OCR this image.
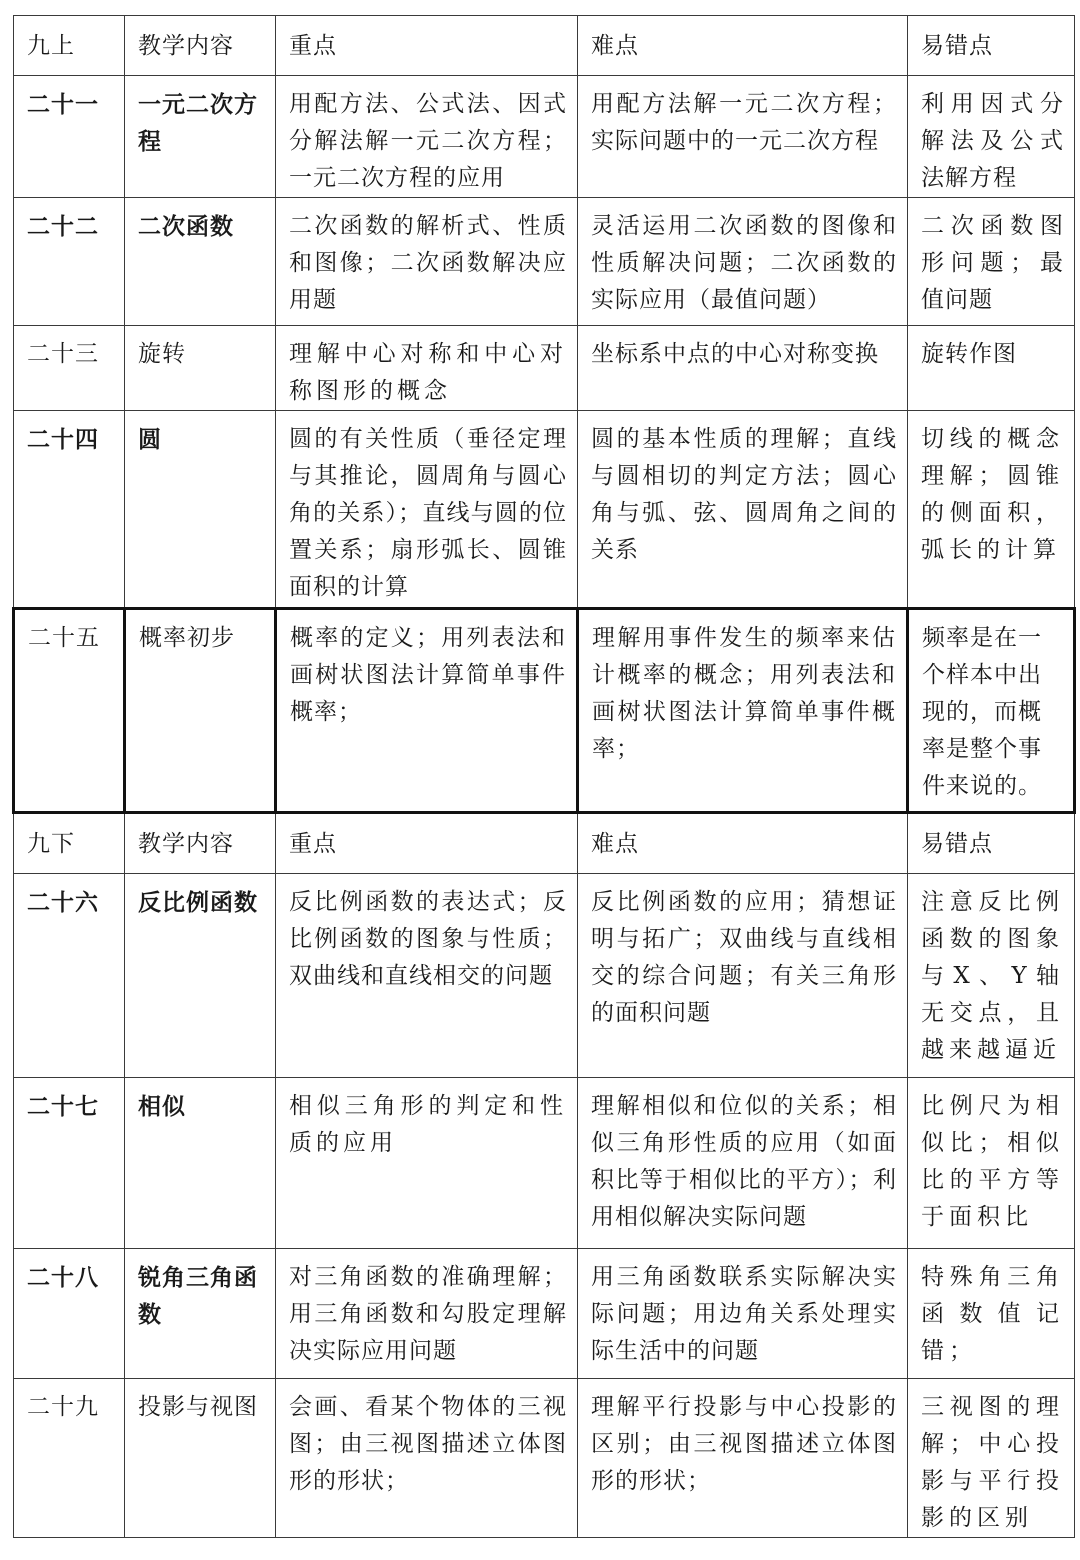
九上	教学内容	重点	难点	易错点
二十一	一元二次方程	用配方法、公式法、因式分解法解一元二次方程；一元二次方程的应用	用配方法解一元二次方程；实际问题中的一元二次方程	利用因式分解法及公式法解方程
二十二	二次函数	二次函数的解析式、性质和图像；二次函数解决应用题	灵活运用二次函数的图像和性质解决问题；二次函数的实际应用（最值问题）	二次函数图形问题；最值问题
二十三	旋转	理解中心对称和中心对称图形的概念	坐标系中点的中心对称变换	旋转作图
二十四	圆	圆的有关性质（垂径定理与其推论，圆周角与圆心角的关系）；直线与圆的位置关系；扇形弧长、圆锥面积的计算	圆的基本性质的理解；直线与圆相切的判定方法；圆心角与弧、弦、圆周角之间的关系	切线的概念理解；圆锥的侧面积，弧长的计算
二十五	概率初步	概率的定义；用列表法和画树状图法计算简单事件概率；	理解用事件发生的频率来估计概率的概念；用列表法和画树状图法计算简单事件概率；	频率是在一个样本中出现的，而概率是整个事件来说的。
九下	教学内容	重点	难点	易错点
二十六	反比例函数	反比例函数的表达式；反比例函数的图象与性质；双曲线和直线相交的问题	反比例函数的应用；猜想证明与拓广；双曲线与直线相交的综合问题；有关三角形的面积问题	注意反比例函数的图象与X、Y轴无交点，且越来越逼近
二十七	相似	相似三角形的判定和性质的应用	理解相似和位似的关系；相似三角形性质的应用（如面积比等于相似比的平方）；利用相似解决实际问题	比例尺为相似比；相似比的平方等于面积比
二十八	锐角三角函数	对三角函数的准确理解；用三角函数和勾股定理解决实际应用问题	用三角函数联系实际解决实际问题；用边角关系处理实际生活中的问题	特殊角三角函数值记错；
二十九	投影与视图	会画、看某个物体的三视图；由三视图描述立体图形的形状；	理解平行投影与中心投影的区别；由三视图描述立体图形的形状；	三视图的理解；中心投影与平行投影的区别
